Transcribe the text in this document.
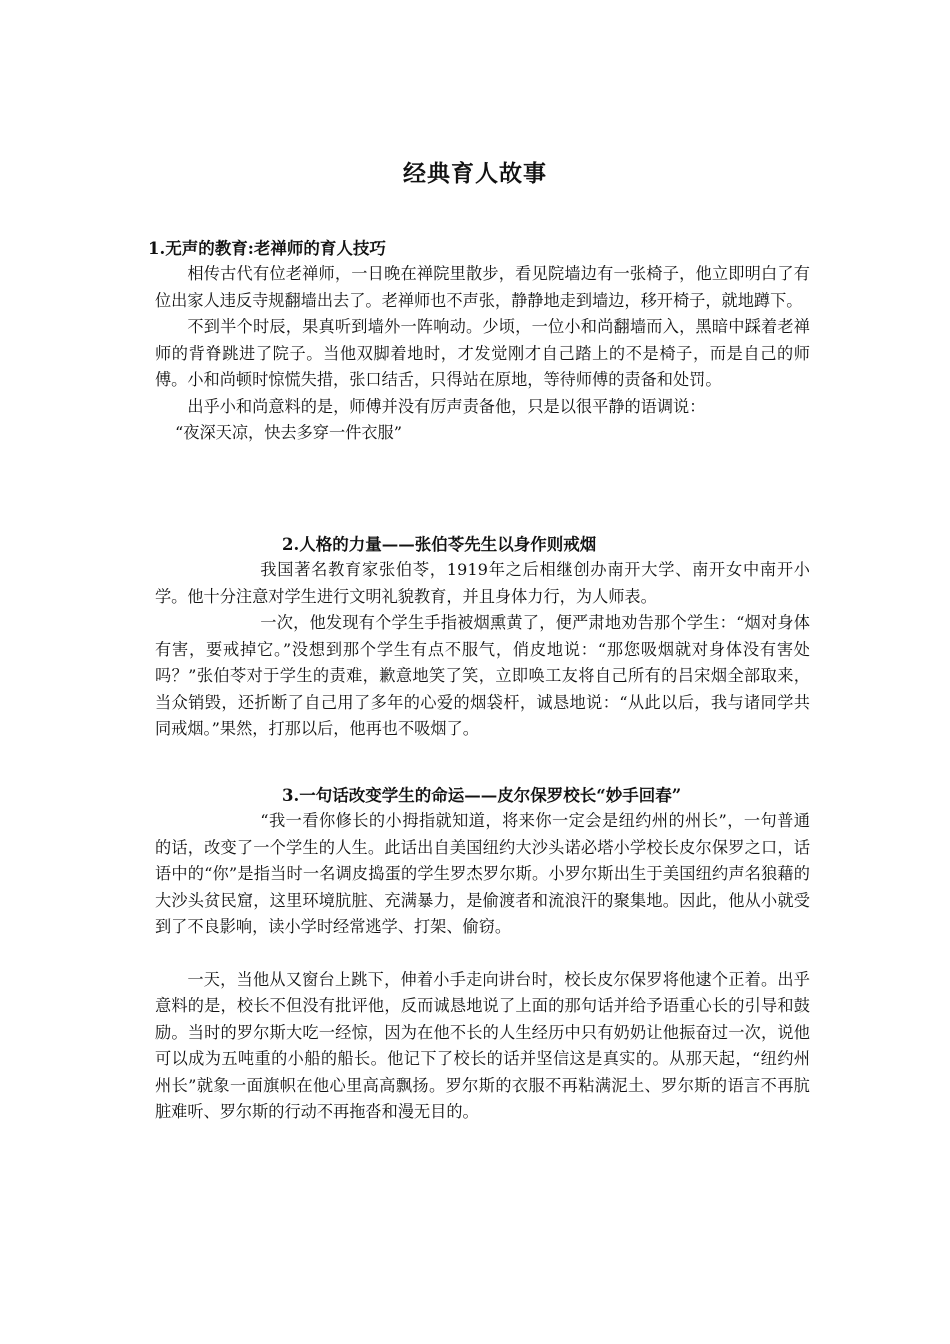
经典育人故事
1.无声的教育:老禅师的育人技巧

相传古代有位老禅师，一日晚在禅院里散步，看见院墙边有一张椅子，他立即明白了有位出家人违反寺规翻墙出去了。老禅师也不声张，静静地走到墙边，移开椅子，就地蹲下。

不到半个时辰，果真听到墙外一阵响动。少顷，一位小和尚翻墙而入，黑暗中踩着老禅师的背脊跳进了院子。当他双脚着地时，才发觉刚才自己踏上的不是椅子，而是自己的师傅。小和尚顿时惊慌失措，张口结舌，只得站在原地，等待师傅的责备和处罚。

出乎小和尚意料的是，师傅并没有厉声责备他，只是以很平静的语调说：

“夜深天凉，快去多穿一件衣服”

2.人格的力量——张伯苓先生以身作则戒烟

我国著名教育家张伯苓，1919年之后相继创办南开大学、南开女中南开小学。他十分注意对学生进行文明礼貌教育，并且身体力行，为人师表。

一次，他发现有个学生手指被烟熏黄了，便严肃地劝告那个学生：“烟对身体有害，要戒掉它。”没想到那个学生有点不服气，俏皮地说：“那您吸烟就对身体没有害处吗？”张伯苓对于学生的责难，歉意地笑了笑，立即唤工友将自己所有的吕宋烟全部取来，当众销毁，还折断了自己用了多年的心爱的烟袋杆，诚恳地说：“从此以后，我与诸同学共同戒烟。”果然，打那以后，他再也不吸烟了。

3.一句话改变学生的命运——皮尔保罗校长“妙手回春”

“我一看你修长的小拇指就知道，将来你一定会是纽约州的州长”，一句普通的话，改变了一个学生的人生。此话出自美国纽约大沙头诺必塔小学校长皮尔保罗之口，话语中的“你”是指当时一名调皮捣蛋的学生罗杰罗尔斯。小罗尔斯出生于美国纽约声名狼藉的大沙头贫民窟，这里环境肮脏、充满暴力，是偷渡者和流浪汗的聚集地。因此，他从小就受到了不良影响，读小学时经常逃学、打架、偷窃。

一天，当他从又窗台上跳下，伸着小手走向讲台时，校长皮尔保罗将他逮个正着。出乎意料的是，校长不但没有批评他，反而诚恳地说了上面的那句话并给予语重心长的引导和鼓励。当时的罗尔斯大吃一经惊，因为在他不长的人生经历中只有奶奶让他振奋过一次，说他可以成为五吨重的小船的船长。他记下了校长的话并坚信这是真实的。从那天起，“纽约州州长”就象一面旗帜在他心里高高飘扬。罗尔斯的衣服不再粘满泥土、罗尔斯的语言不再肮脏难听、罗尔斯的行动不再拖沓和漫无目的。
